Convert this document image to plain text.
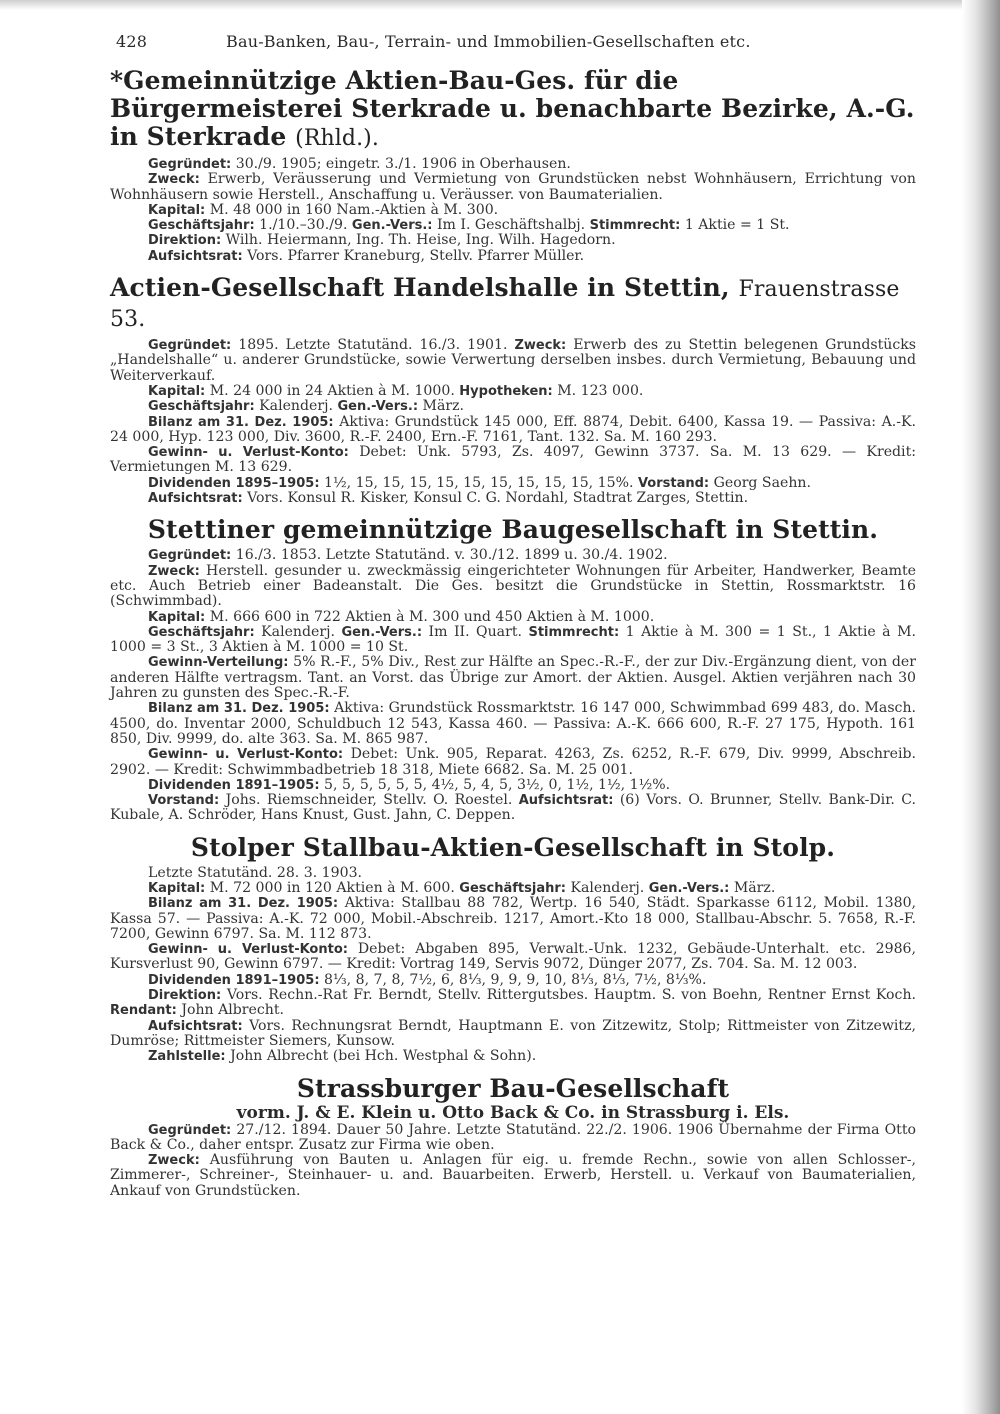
428	Bau-Banken, Bau-, Terrain- und Immobilien-Gesellschaften etc.
*Gemeinnützige Aktien-Bau-Ges. für die Bürgermeisterei Sterkrade u. benachbarte Bezirke, A.-G. in Sterkrade (Rhld.).

Gegründet: 30./9. 1905; eingetr. 3./1. 1906 in Oberhausen.

Zweck: Erwerb, Veräusserung und Vermietung von Grundstücken nebst Wohnhäusern, Errichtung von Wohnhäusern sowie Herstell., Anschaffung u. Veräusser. von Baumaterialien.

Kapital: M. 48 000 in 160 Nam.-Aktien à M. 300.

Geschäftsjahr: 1./10.–30./9. Gen.-Vers.: Im I. Geschäftshalbj. Stimmrecht: 1 Aktie = 1 St.

Direktion: Wilh. Heiermann, Ing. Th. Heise, Ing. Wilh. Hagedorn.

Aufsichtsrat: Vors. Pfarrer Kraneburg, Stellv. Pfarrer Müller.

Actien-Gesellschaft Handelshalle in Stettin, Frauenstrasse 53.

Gegründet: 1895. Letzte Statutänd. 16./3. 1901. Zweck: Erwerb des zu Stettin belegenen Grundstücks „Handelshalle“ u. anderer Grundstücke, sowie Verwertung derselben insbes. durch Vermietung, Bebauung und Weiterverkauf.

Kapital: M. 24 000 in 24 Aktien à M. 1000. Hypotheken: M. 123 000.

Geschäftsjahr: Kalenderj. Gen.-Vers.: März.

Bilanz am 31. Dez. 1905: Aktiva: Grundstück 145 000, Eff. 8874, Debit. 6400, Kassa 19. — Passiva: A.-K. 24 000, Hyp. 123 000, Div. 3600, R.-F. 2400, Ern.-F. 7161, Tant. 132. Sa. M. 160 293.

Gewinn- u. Verlust-Konto: Debet: Unk. 5793, Zs. 4097, Gewinn 3737. Sa. M. 13 629. — Kredit: Vermietungen M. 13 629.

Dividenden 1895–1905: 1½, 15, 15, 15, 15, 15, 15, 15, 15, 15, 15%. Vorstand: Georg Saehn.

Aufsichtsrat: Vors. Konsul R. Kisker, Konsul C. G. Nordahl, Stadtrat Zarges, Stettin.

Stettiner gemeinnützige Baugesellschaft in Stettin.

Gegründet: 16./3. 1853. Letzte Statutänd. v. 30./12. 1899 u. 30./4. 1902.

Zweck: Herstell. gesunder u. zweckmässig eingerichteter Wohnungen für Arbeiter, Handwerker, Beamte etc. Auch Betrieb einer Badeanstalt. Die Ges. besitzt die Grundstücke in Stettin, Rossmarktstr. 16 (Schwimmbad).

Kapital: M. 666 600 in 722 Aktien à M. 300 und 450 Aktien à M. 1000.

Geschäftsjahr: Kalenderj. Gen.-Vers.: Im II. Quart. Stimmrecht: 1 Aktie à M. 300 = 1 St., 1 Aktie à M. 1000 = 3 St., 3 Aktien à M. 1000 = 10 St.

Gewinn-Verteilung: 5% R.-F., 5% Div., Rest zur Hälfte an Spec.-R.-F., der zur Div.-Ergänzung dient, von der anderen Hälfte vertragsm. Tant. an Vorst. das Übrige zur Amort. der Aktien. Ausgel. Aktien verjähren nach 30 Jahren zu gunsten des Spec.-R.-F.

Bilanz am 31. Dez. 1905: Aktiva: Grundstück Rossmarktstr. 16 147 000, Schwimmbad 699 483, do. Masch. 4500, do. Inventar 2000, Schuldbuch 12 543, Kassa 460. — Passiva: A.-K. 666 600, R.-F. 27 175, Hypoth. 161 850, Div. 9999, do. alte 363. Sa. M. 865 987.

Gewinn- u. Verlust-Konto: Debet: Unk. 905, Reparat. 4263, Zs. 6252, R.-F. 679, Div. 9999, Abschreib. 2902. — Kredit: Schwimmbadbetrieb 18 318, Miete 6682. Sa. M. 25 001.

Dividenden 1891–1905: 5, 5, 5, 5, 5, 5, 4½, 5, 4, 5, 3½, 0, 1½, 1½, 1½%.

Vorstand: Johs. Riemschneider, Stellv. O. Roestel. Aufsichtsrat: (6) Vors. O. Brunner, Stellv. Bank-Dir. C. Kubale, A. Schröder, Hans Knust, Gust. Jahn, C. Deppen.

Stolper Stallbau-Aktien-Gesellschaft in Stolp.

Letzte Statutänd. 28. 3. 1903.

Kapital: M. 72 000 in 120 Aktien à M. 600. Geschäftsjahr: Kalenderj. Gen.-Vers.: März.

Bilanz am 31. Dez. 1905: Aktiva: Stallbau 88 782, Wertp. 16 540, Städt. Sparkasse 6112, Mobil. 1380, Kassa 57. — Passiva: A.-K. 72 000, Mobil.-Abschreib. 1217, Amort.-Kto 18 000, Stallbau-Abschr. 5. 7658, R.-F. 7200, Gewinn 6797. Sa. M. 112 873.

Gewinn- u. Verlust-Konto: Debet: Abgaben 895, Verwalt.-Unk. 1232, Gebäude-Unterhalt. etc. 2986, Kursverlust 90, Gewinn 6797. — Kredit: Vortrag 149, Servis 9072, Dünger 2077, Zs. 704. Sa. M. 12 003.

Dividenden 1891–1905: 8⅓, 8, 7, 8, 7½, 6, 8⅓, 9, 9, 9, 10, 8⅓, 8⅓, 7½, 8⅓%.

Direktion: Vors. Rechn.-Rat Fr. Berndt, Stellv. Rittergutsbes. Hauptm. S. von Boehn, Rentner Ernst Koch. Rendant: John Albrecht.

Aufsichtsrat: Vors. Rechnungsrat Berndt, Hauptmann E. von Zitzewitz, Stolp; Rittmeister von Zitzewitz, Dumröse; Rittmeister Siemers, Kunsow.

Zahlstelle: John Albrecht (bei Hch. Westphal & Sohn).

Strassburger Bau-Gesellschaft
vorm. J. & E. Klein u. Otto Back & Co. in Strassburg i. Els.

Gegründet: 27./12. 1894. Dauer 50 Jahre. Letzte Statutänd. 22./2. 1906. 1906 Übernahme der Firma Otto Back & Co., daher entspr. Zusatz zur Firma wie oben.

Zweck: Ausführung von Bauten u. Anlagen für eig. u. fremde Rechn., sowie von allen Schlosser-, Zimmerer-, Schreiner-, Steinhauer- u. and. Bauarbeiten. Erwerb, Herstell. u. Verkauf von Baumaterialien, Ankauf von Grundstücken.
